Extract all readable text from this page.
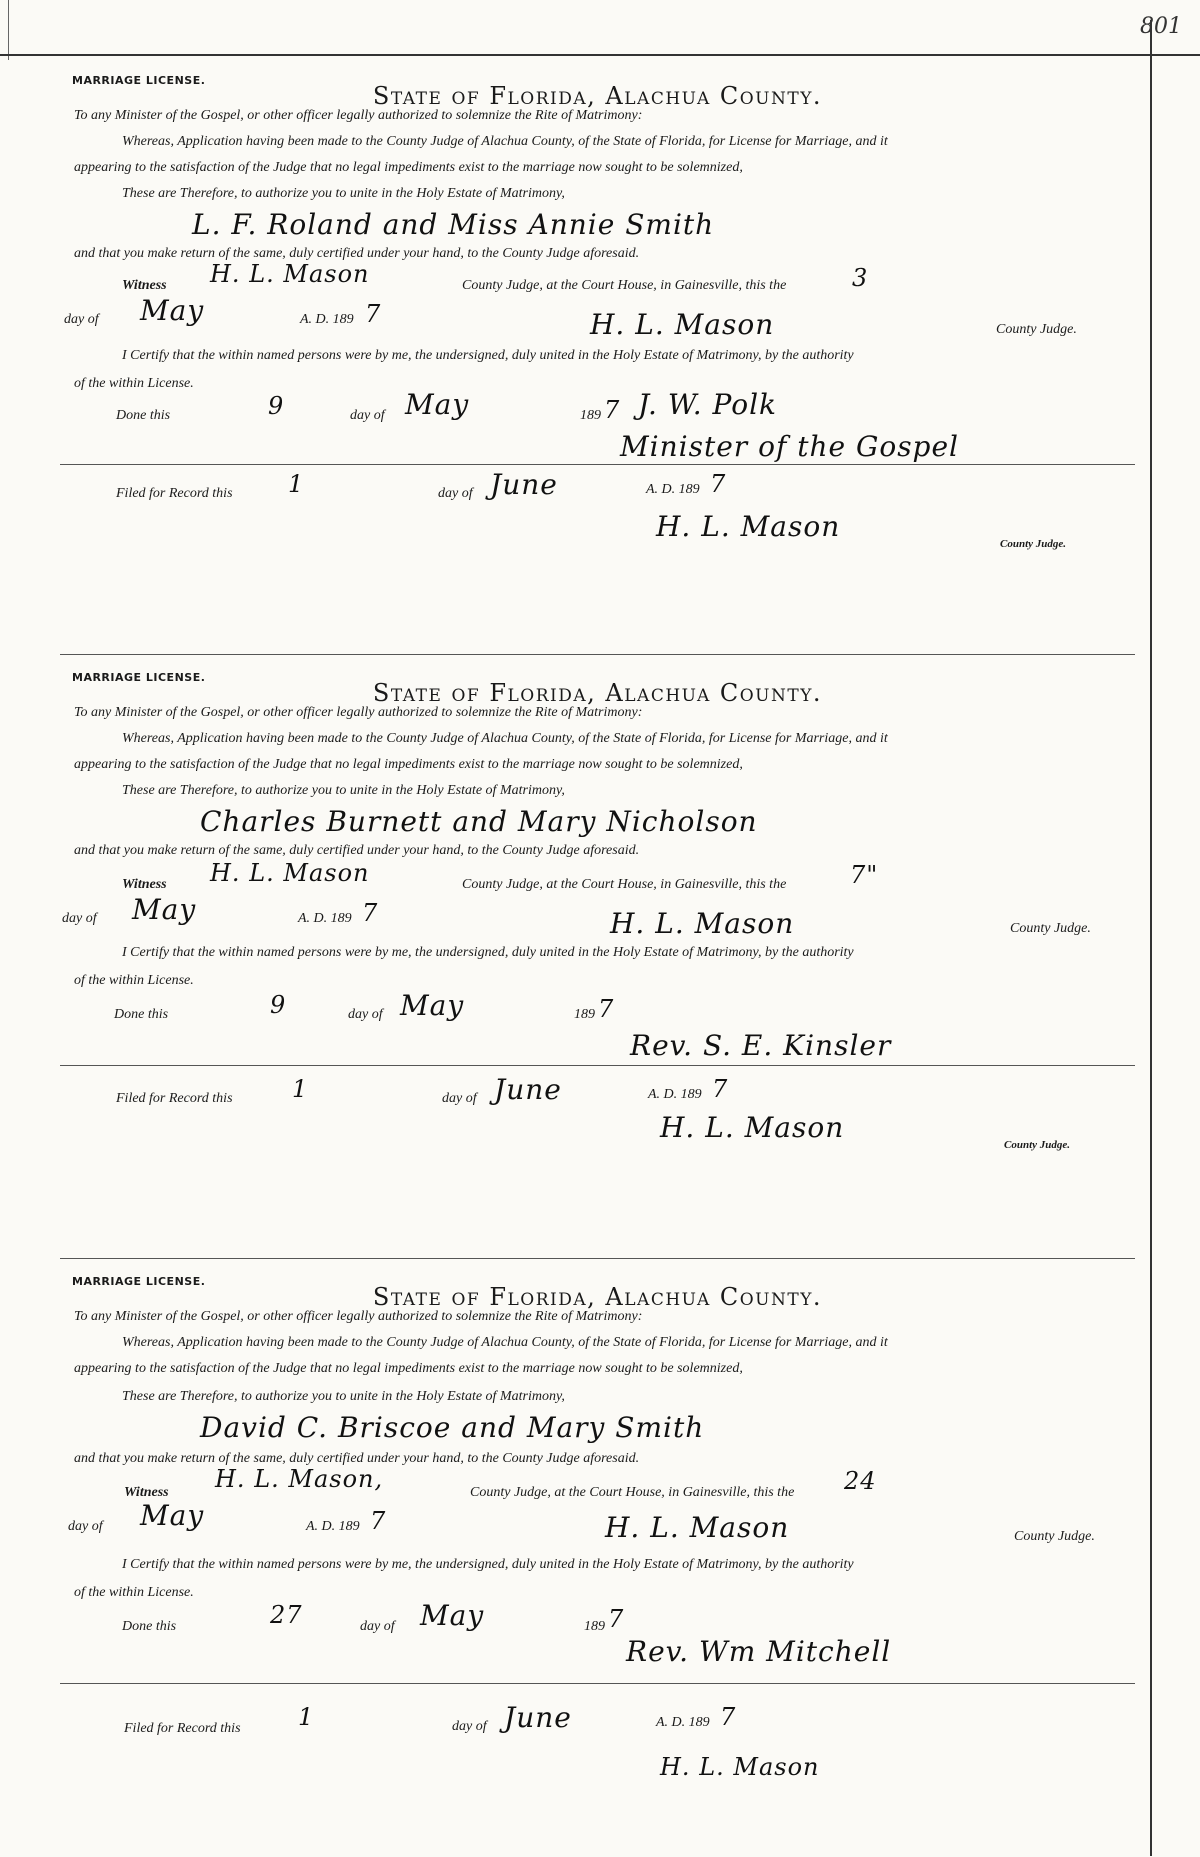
801
MARRIAGE LICENSE.
State of Florida, Alachua County.
To any Minister of the Gospel, or other officer legally authorized to solemnize the Rite of Matrimony:
Whereas, Application having been made to the County Judge of Alachua County, of the State of Florida, for License for Marriage, and it
appearing to the satisfaction of the Judge that no legal impediments exist to the marriage now sought to be solemnized,
These are Therefore, to authorize you to unite in the Holy Estate of Matrimony,
L. F. Roland and Miss Annie Smith
and that you make return of the same, duly certified under your hand, to the County Judge aforesaid.
Witness H. L. Mason	County Judge, at the Court House, in Gainesville, this the	3
day of May	A. D. 189 7	H. L. Mason	County Judge.
I Certify that the within named persons were by me, the undersigned, duly united in the Holy Estate of Matrimony, by the authority
of the within License.
Done this	9	day of May	189 7 J. W. Polk
Minister of the Gospel
Filed for Record this 1	day of June	A. D. 189 7
H. L. Mason
County Judge.
MARRIAGE LICENSE.
State of Florida, Alachua County.
To any Minister of the Gospel, or other officer legally authorized to solemnize the Rite of Matrimony:
Whereas, Application having been made to the County Judge of Alachua County, of the State of Florida, for License for Marriage, and it
appearing to the satisfaction of the Judge that no legal impediments exist to the marriage now sought to be solemnized,
These are Therefore, to authorize you to unite in the Holy Estate of Matrimony,
Charles Burnett and Mary Nicholson
and that you make return of the same, duly certified under your hand, to the County Judge aforesaid.
Witness H. L. Mason	County Judge, at the Court House, in Gainesville, this the	7"
day of May	A. D. 189 7	H. L. Mason	County Judge.
I Certify that the within named persons were by me, the undersigned, duly united in the Holy Estate of Matrimony, by the authority
of the within License.
Done this	9	day of May	189 7
Rev. S. E. Kinsler
Filed for Record this 1	day of June	A. D. 189 7
H. L. Mason
County Judge.
MARRIAGE LICENSE.
State of Florida, Alachua County.
To any Minister of the Gospel, or other officer legally authorized to solemnize the Rite of Matrimony:
Whereas, Application having been made to the County Judge of Alachua County, of the State of Florida, for License for Marriage, and it
appearing to the satisfaction of the Judge that no legal impediments exist to the marriage now sought to be solemnized,
These are Therefore, to authorize you to unite in the Holy Estate of Matrimony,
David C. Briscoe and Mary Smith
and that you make return of the same, duly certified under your hand, to the County Judge aforesaid.
Witness H. L. Mason,	County Judge, at the Court House, in Gainesville, this the 24
day of May	A. D. 189 7	H. L. Mason	County Judge.
I Certify that the within named persons were by me, the undersigned, duly united in the Holy Estate of Matrimony, by the authority
of the within License.
Done this	27	day of May	189 7
Rev. Wm Mitchell
Filed for Record this 1	day of June	A. D. 189 7
H. L. Mason
